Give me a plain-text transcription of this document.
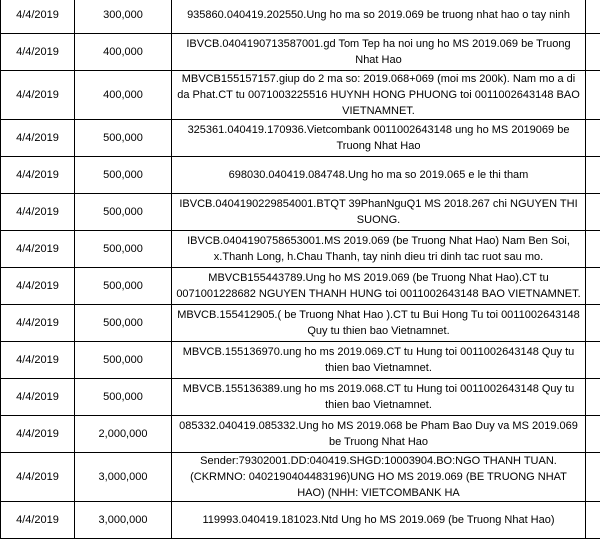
4/4/2019	300,000	935860.040419.202550.Ung ho ma so 2019.069 be truong nhat hao o tay ninh	
4/4/2019	400,000	IBVCB.0404190713587001.gd Tom Tep ha noi ung ho MS 2019.069 be Truong Nhat Hao	
4/4/2019	400,000	MBVCB155157157.giup do 2 ma so: 2019.068+069 (moi ms 200k). Nam mo a di da Phat.CT tu 0071003225516 HUYNH HONG PHUONG toi 0011002643148 BAO VIETNAMNET.	
4/4/2019	500,000	325361.040419.170936.Vietcombank 0011002643148 ung ho MS 2019069 be Truong Nhat Hao	
4/4/2019	500,000	698030.040419.084748.Ung ho ma so 2019.065 e le thi tham	
4/4/2019	500,000	IBVCB.0404190229854001.BTQT 39PhanNguQ1 MS 2018.267 chi NGUYEN THI SUONG.	
4/4/2019	500,000	IBVCB.0404190758653001.MS 2019.069 (be Truong Nhat Hao) Nam Ben Soi, x.Thanh Long, h.Chau Thanh, tay ninh dieu tri dinh tac ruot sau mo.	
4/4/2019	500,000	MBVCB155443789.Ung ho MS 2019.069 (be Truong Nhat Hao).CT tu 0071001228682 NGUYEN THANH HUNG toi 0011002643148 BAO VIETNAMNET.	
4/4/2019	500,000	MBVCB.155412905.( be Truong Nhat Hao ).CT tu Bui Hong Tu toi 0011002643148 Quy tu thien bao Vietnamnet.	
4/4/2019	500,000	MBVCB.155136970.ung ho ms 2019.069.CT tu Hung toi 0011002643148 Quy tu thien bao Vietnamnet.	
4/4/2019	500,000	MBVCB.155136389.ung ho ms 2019.068.CT tu Hung toi 0011002643148 Quy tu thien bao Vietnamnet.	
4/4/2019	2,000,000	085332.040419.085332.Ung ho MS 2019.068 be Pham Bao Duy va MS 2019.069 be Truong Nhat Hao	
4/4/2019	3,000,000	Sender:79302001.DD:040419.SHGD:10003904.BO:NGO THANH TUAN.(CKRMNO: 0402190404483196)UNG HO MS 2019.069 (BE TRUONG NHAT HAO) (NHH: VIETCOMBANK HA	
4/4/2019	3,000,000	119993.040419.181023.Ntd Ung ho MS 2019.069 (be Truong Nhat Hao)	
